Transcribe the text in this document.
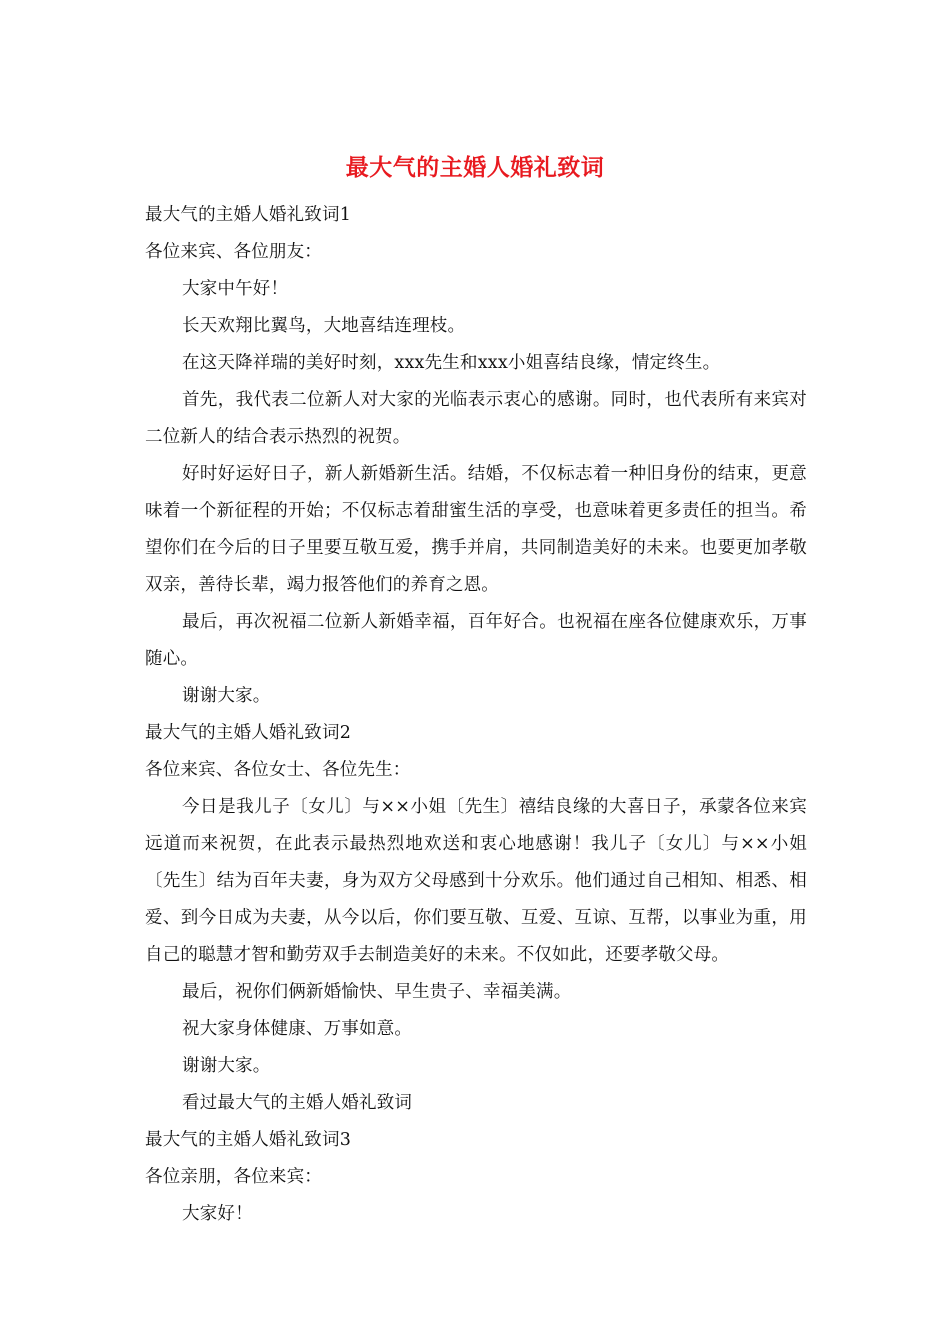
最大气的主婚人婚礼致词

最大气的主婚人婚礼致词1

各位来宾、各位朋友：

大家中午好！

长天欢翔比翼鸟，大地喜结连理枝。

在这天降祥瑞的美好时刻，xxx先生和xxx小姐喜结良缘，情定终生。

首先，我代表二位新人对大家的光临表示衷心的感谢。同时，也代表所有来宾对二位新人的结合表示热烈的祝贺。

好时好运好日子，新人新婚新生活。结婚，不仅标志着一种旧身份的结束，更意味着一个新征程的开始；不仅标志着甜蜜生活的享受，也意味着更多责任的担当。希望你们在今后的日子里要互敬互爱，携手并肩，共同制造美好的未来。也要更加孝敬双亲，善待长辈，竭力报答他们的养育之恩。

最后，再次祝福二位新人新婚幸福，百年好合。也祝福在座各位健康欢乐，万事随心。

谢谢大家。

最大气的主婚人婚礼致词2

各位来宾、各位女士、各位先生：

今日是我儿子〔女儿〕与××小姐〔先生〕禧结良缘的大喜日子，承蒙各位来宾远道而来祝贺，在此表示最热烈地欢送和衷心地感谢！我儿子〔女儿〕与××小姐〔先生〕结为百年夫妻，身为双方父母感到十分欢乐。他们通过自己相知、相悉、相爱、到今日成为夫妻，从今以后，你们要互敬、互爱、互谅、互帮，以事业为重，用自己的聪慧才智和勤劳双手去制造美好的未来。不仅如此，还要孝敬父母。

最后，祝你们俩新婚愉快、早生贵子、幸福美满。

祝大家身体健康、万事如意。

谢谢大家。

看过最大气的主婚人婚礼致词

最大气的主婚人婚礼致词3

各位亲朋，各位来宾：

大家好！
